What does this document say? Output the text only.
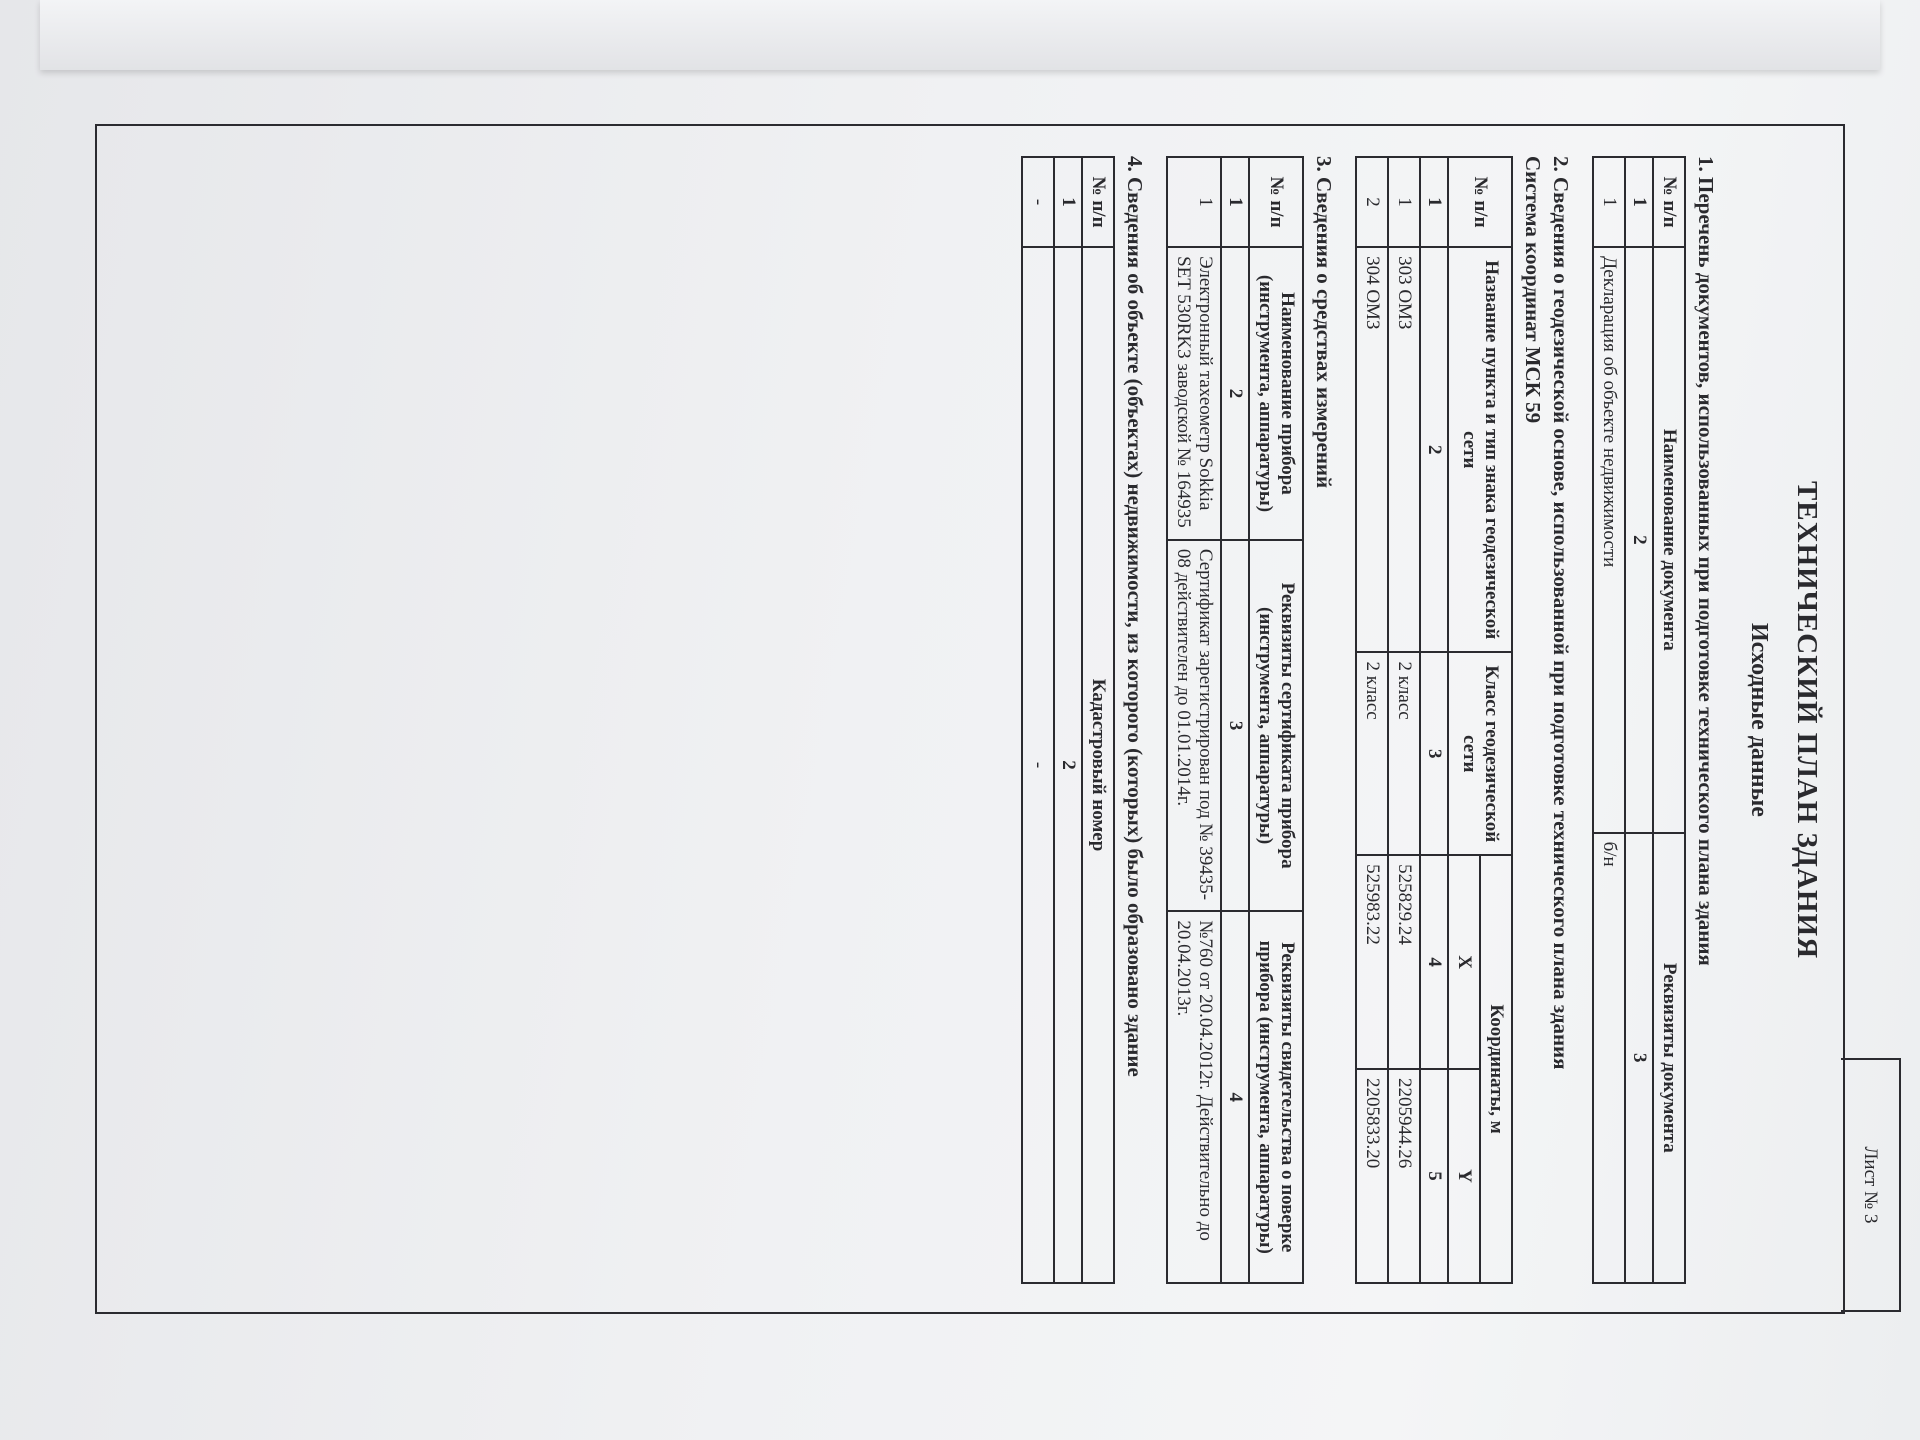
Лист № 3
ТЕХНИЧЕСКИЙ ПЛАН ЗДАНИЯ
Исходные данные
1. Перечень документов, использованных при подготовке технического плана здания
№ п/п	Наименование документа	Реквизиты документа
1	2	3
1	Декларация об объекте недвижимости	б/н
2. Сведения о геодезической основе, использованной при подготовке технического плана здания
Система координат МСК 59
№ п/п	Название пункта и тип знака геодезической сети	Класс геодезической сети	Координаты, м	
			X	Y
1	2	3	4	5
1	303 ОМЗ	2 класс	525829.24	2205944.26
2	304 ОМЗ	2 класс	525983.22	2205833.20
3. Сведения о средствах измерений
№ п/п	Наименование прибора (инструмента, аппаратуры)	Реквизиты сертификата прибора (инструмента, аппаратуры)	Реквизиты свидетельства о поверке прибора (инструмента, аппаратуры)
1	2	3	4
1	Электронный тахеометр Sokkia SET 530RK3 заводской № 164935	Сертификат зарегистрирован под № 39435-08 действителен до 01.01.2014г.	№760 от 20.04.2012г. Действительно до 20.04.2013г.
4. Сведения об объекте (объектах) недвижимости, из которого (которых) было образовано здание
№ п/п	Кадастровый номер
1	2
-	-
